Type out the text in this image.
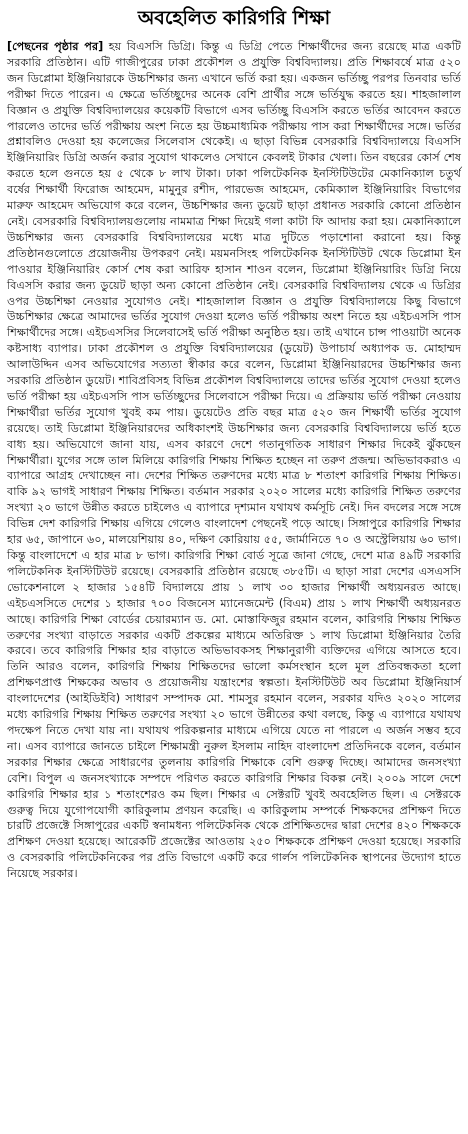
অবহেলিত কারিগরি শিক্ষা
[পেছনের পৃষ্ঠার পর] হয় বিএসসি ডিগ্রি। কিন্তু এ ডিগ্রি পেতে শিক্ষার্থীদের জন্য রয়েছে মাত্র একটি সরকারি প্রতিষ্ঠান। এটি গাজীপুরের ঢাকা প্রকৌশল ও প্রযুক্তি বিশ্ববিদ্যালয়। প্রতি শিক্ষাবর্ষে মাত্র ৫২০ জন ডিপ্লোমা ইঞ্জিনিয়ারকে উচ্চশিক্ষার জন্য এখানে ভর্তি করা হয়। একজন ভর্তিচ্ছু পরপর তিনবার ভর্তি পরীক্ষা দিতে পারেন। এ ক্ষেত্রে ভর্তিচ্ছুদের অনেক বেশি প্রার্থীর সঙ্গে ভর্তিযুদ্ধ করতে হয়। শাহজালাল বিজ্ঞান ও প্রযুক্তি বিশ্ববিদ্যালয়ের কয়েকটি বিভাগে এসব ভর্তিচ্ছু বিএসসি করতে ভর্তির আবেদন করতে পারলেও তাদের ভর্তি পরীক্ষায় অংশ নিতে হয় উচ্চমাধ্যমিক পরীক্ষায় পাস করা শিক্ষার্থীদের সঙ্গে। ভর্তির প্রশ্নাবলিও দেওয়া হয় কলেজের সিলেবাস থেকেই। এ ছাড়া বিভিন্ন বেসরকারি বিশ্ববিদ্যালয়ে বিএসসি ইঞ্জিনিয়ারিং ডিগ্রি অর্জন করার সুযোগ থাকলেও সেখানে কেবলই টাকার খেলা। তিন বছরের কোর্স শেষ করতে হলে গুনতে হয় ৫ থেকে ৮ লাখ টাকা। ঢাকা পলিটেকনিক ইনস্টিটিউটের মেকানিক্যাল চতুর্থ বর্ষের শিক্ষার্থী ফিরোজ আহমেদ, মামুনুর রশীদ, পারভেজ আহমেদ, কেমিক্যাল ইঞ্জিনিয়ারিং বিভাগের মারুফ আহমেদ অভিযোগ করে বলেন, উচ্চশিক্ষার জন্য ডুয়েট ছাড়া প্রধানত সরকারি কোনো প্রতিষ্ঠান নেই। বেসরকারি বিশ্ববিদ্যালয়গুলোয় নামমাত্র শিক্ষা দিয়েই গলা কাটা ফি আদায় করা হয়। মেকানিক্যালে উচ্চশিক্ষার জন্য বেসরকারি বিশ্ববিদ্যালয়ের মধ্যে মাত্র দুটিতে পড়াশোনা করানো হয়। কিন্তু প্রতিষ্ঠানগুলোতে প্রয়োজনীয় উপকরণ নেই। ময়মনসিংহ পলিটেকনিক ইনস্টিটিউট থেকে ডিপ্লোমা ইন পাওয়ার ইঞ্জিনিয়ারিং কোর্স শেষ করা আরিফ হাসান শাওন বলেন, ডিপ্লোমা ইঞ্জিনিয়ারিং ডিগ্রি নিয়ে বিএসসি করার জন্য ডুয়েট ছাড়া অন্য কোনো প্রতিষ্ঠান নেই। বেসরকারি বিশ্ববিদ্যালয় থেকে এ ডিগ্রির ওপর উচ্চশিক্ষা নেওয়ার সুযোগও নেই। শাহজালাল বিজ্ঞান ও প্রযুক্তি বিশ্ববিদ্যালয়ে কিছু বিভাগে উচ্চশিক্ষার ক্ষেত্রে আমাদের ভর্তির সুযোগ দেওয়া হলেও ভর্তি পরীক্ষায় অংশ নিতে হয় এইচএসসি পাস শিক্ষার্থীদের সঙ্গে। এইচএসসির সিলেবাসেই ভর্তি পরীক্ষা অনুষ্ঠিত হয়। তাই এখানে চান্স পাওয়াটা অনেক কষ্টসাধ্য ব্যাপার। ঢাকা প্রকৌশল ও প্রযুক্তি বিশ্ববিদ্যালয়ের (ডুয়েট) উপাচার্য অধ্যাপক ড. মোহাম্মদ আলাউদ্দিন এসব অভিযোগের সত্যতা স্বীকার করে বলেন, ডিপ্লোমা ইঞ্জিনিয়ারদের উচ্চশিক্ষার জন্য সরকারি প্রতিষ্ঠান ডুয়েট। শাবিপ্রবিসহ বিভিন্ন প্রকৌশল বিশ্ববিদ্যালয়ে তাদের ভর্তির সুযোগ দেওয়া হলেও ভর্তি পরীক্ষা হয় এইচএসসি পাস ভর্তিচ্ছুদের সিলেবাসে পরীক্ষা দিয়ে। এ প্রক্রিয়ায় ভর্তি পরীক্ষা নেওয়ায় শিক্ষার্থীরা ভর্তির সুযোগ খুবই কম পায়। ডুয়েটেও প্রতি বছর মাত্র ৫২০ জন শিক্ষার্থী ভর্তির সুযোগ রয়েছে। তাই ডিপ্লোমা ইঞ্জিনিয়ারদের অধিকাংশই উচ্চশিক্ষার জন্য বেসরকারি বিশ্ববিদ্যালয়ে ভর্তি হতে বাধ্য হয়। অভিযোগে জানা যায়, এসব কারণে দেশে গতানুগতিক সাধারণ শিক্ষার দিকেই ঝুঁকছেন শিক্ষার্থীরা। যুগের সঙ্গে তাল মিলিয়ে কারিগরি শিক্ষায় শিক্ষিত হচ্ছেন না তরুণ প্রজন্ম। অভিভাবকরাও এ ব্যাপারে আগ্রহ দেখাচ্ছেন না। দেশের শিক্ষিত তরুণদের মধ্যে মাত্র ৮ শতাংশ কারিগরি শিক্ষায় শিক্ষিত। বাকি ৯২ ভাগই সাধারণ শিক্ষায় শিক্ষিত। বর্তমান সরকার ২০২০ সালের মধ্যে কারিগরি শিক্ষিত তরুণের সংখ্যা ২০ ভাগে উন্নীত করতে চাইলেও এ ব্যাপারে দৃশ্যমান যথাযথ কর্মসূচি নেই। দিন বদলের সঙ্গে সঙ্গে বিভিন্ন দেশ কারিগরি শিক্ষায় এগিয়ে গেলেও বাংলাদেশ পেছনেই পড়ে আছে। সিঙ্গাপুরে কারিগরি শিক্ষার হার ৬৫, জাপানে ৬০, মালয়েশিয়ায় ৪০, দক্ষিণ কোরিয়ায় ৫৫, জার্মানিতে ৭০ ও অস্ট্রেলিয়ায় ৬০ ভাগ। কিন্তু বাংলাদেশে এ হার মাত্র ৮ ভাগ। কারিগরি শিক্ষা বোর্ড সূত্রে জানা গেছে, দেশে মাত্র ৪৯টি সরকারি পলিটেকনিক ইনস্টিটিউট রয়েছে। বেসরকারি প্রতিষ্ঠান রয়েছে ৩৮৫টি। এ ছাড়া সারা দেশের এসএসসি ভোকেশনালে ২ হাজার ১৫৪টি বিদ্যালয়ে প্রায় ১ লাখ ৩০ হাজার শিক্ষার্থী অধ্যয়নরত আছে। এইচএসসিতে দেশের ১ হাজার ৭০০ বিজনেস ম্যানেজমেন্ট (বিএম) প্রায় ১ লাখ শিক্ষার্থী অধ্যয়নরত আছে। কারিগরি শিক্ষা বোর্ডের চেয়ারম্যান ড. মো. মোস্তাফিজুর রহমান বলেন, কারিগরি শিক্ষায় শিক্ষিত তরুণের সংখ্যা বাড়াতে সরকার একটি প্রকল্পের মাধ্যমে অতিরিক্ত ১ লাখ ডিপ্লোমা ইঞ্জিনিয়ার তৈরি করবে। তবে কারিগরি শিক্ষার হার বাড়াতে অভিভাবকসহ শিক্ষানুরাগী ব্যক্তিদের এগিয়ে আসতে হবে। তিনি আরও বলেন, কারিগরি শিক্ষায় শিক্ষিতদের ভালো কর্মসংস্থান হলে মূল প্রতিবন্ধকতা হলো প্রশিক্ষণপ্রাপ্ত শিক্ষকের অভাব ও প্রয়োজনীয় যন্ত্রাংশের স্বল্পতা। ইনস্টিটিউট অব ডিপ্লোমা ইঞ্জিনিয়ার্স বাংলাদেশের (আইডিইবি) সাধারণ সম্পাদক মো. শামসুর রহমান বলেন, সরকার যদিও ২০২০ সালের মধ্যে কারিগরি শিক্ষায় শিক্ষিত তরুণের সংখ্যা ২০ ভাগে উন্নীতের কথা বলছে, কিন্তু এ ব্যাপারে যথাযথ পদক্ষেপ নিতে দেখা যায় না। যথাযথ পরিকল্পনার মাধ্যমে এগিয়ে যেতে না পারলে এ অর্জন সম্ভব হবে না। এসব ব্যাপারে জানতে চাইলে শিক্ষামন্ত্রী নুরুল ইসলাম নাহিদ বাংলাদেশ প্রতিদিনকে বলেন, বর্তমান সরকার শিক্ষার ক্ষেত্রে সাধারণের তুলনায় কারিগরি শিক্ষাকে বেশি গুরুত্ব দিচ্ছে। আমাদের জনসংখ্যা বেশি। বিপুল এ জনসংখ্যাকে সম্পদে পরিণত করতে কারিগরি শিক্ষার বিকল্প নেই। ২০০৯ সালে দেশে কারিগরি শিক্ষার হার ১ শতাংশেরও কম ছিল। শিক্ষার এ সেক্টরটি খুবই অবহেলিত ছিল। এ সেক্টরকে গুরুত্ব দিয়ে যুগোপযোগী কারিকুলাম প্রণয়ন করেছি। এ কারিকুলাম সম্পর্কে শিক্ষকদের প্রশিক্ষণ দিতে চারটি প্রজেক্টে সিঙ্গাপুরের একটি স্বনামধন্য পলিটেকনিক থেকে প্রশিক্ষিতদের দ্বারা দেশের ৪২০ শিক্ষককে প্রশিক্ষণ দেওয়া হয়েছে। আরেকটি প্রজেক্টের আওতায় ২৫০ শিক্ষককে প্রশিক্ষণ দেওয়া হয়েছে। সরকারি ও বেসরকারি পলিটেকনিকের পর প্রতি বিভাগে একটি করে গার্লস পলিটেকনিক স্থাপনের উদ্যোগ হাতে নিয়েছে সরকার।
